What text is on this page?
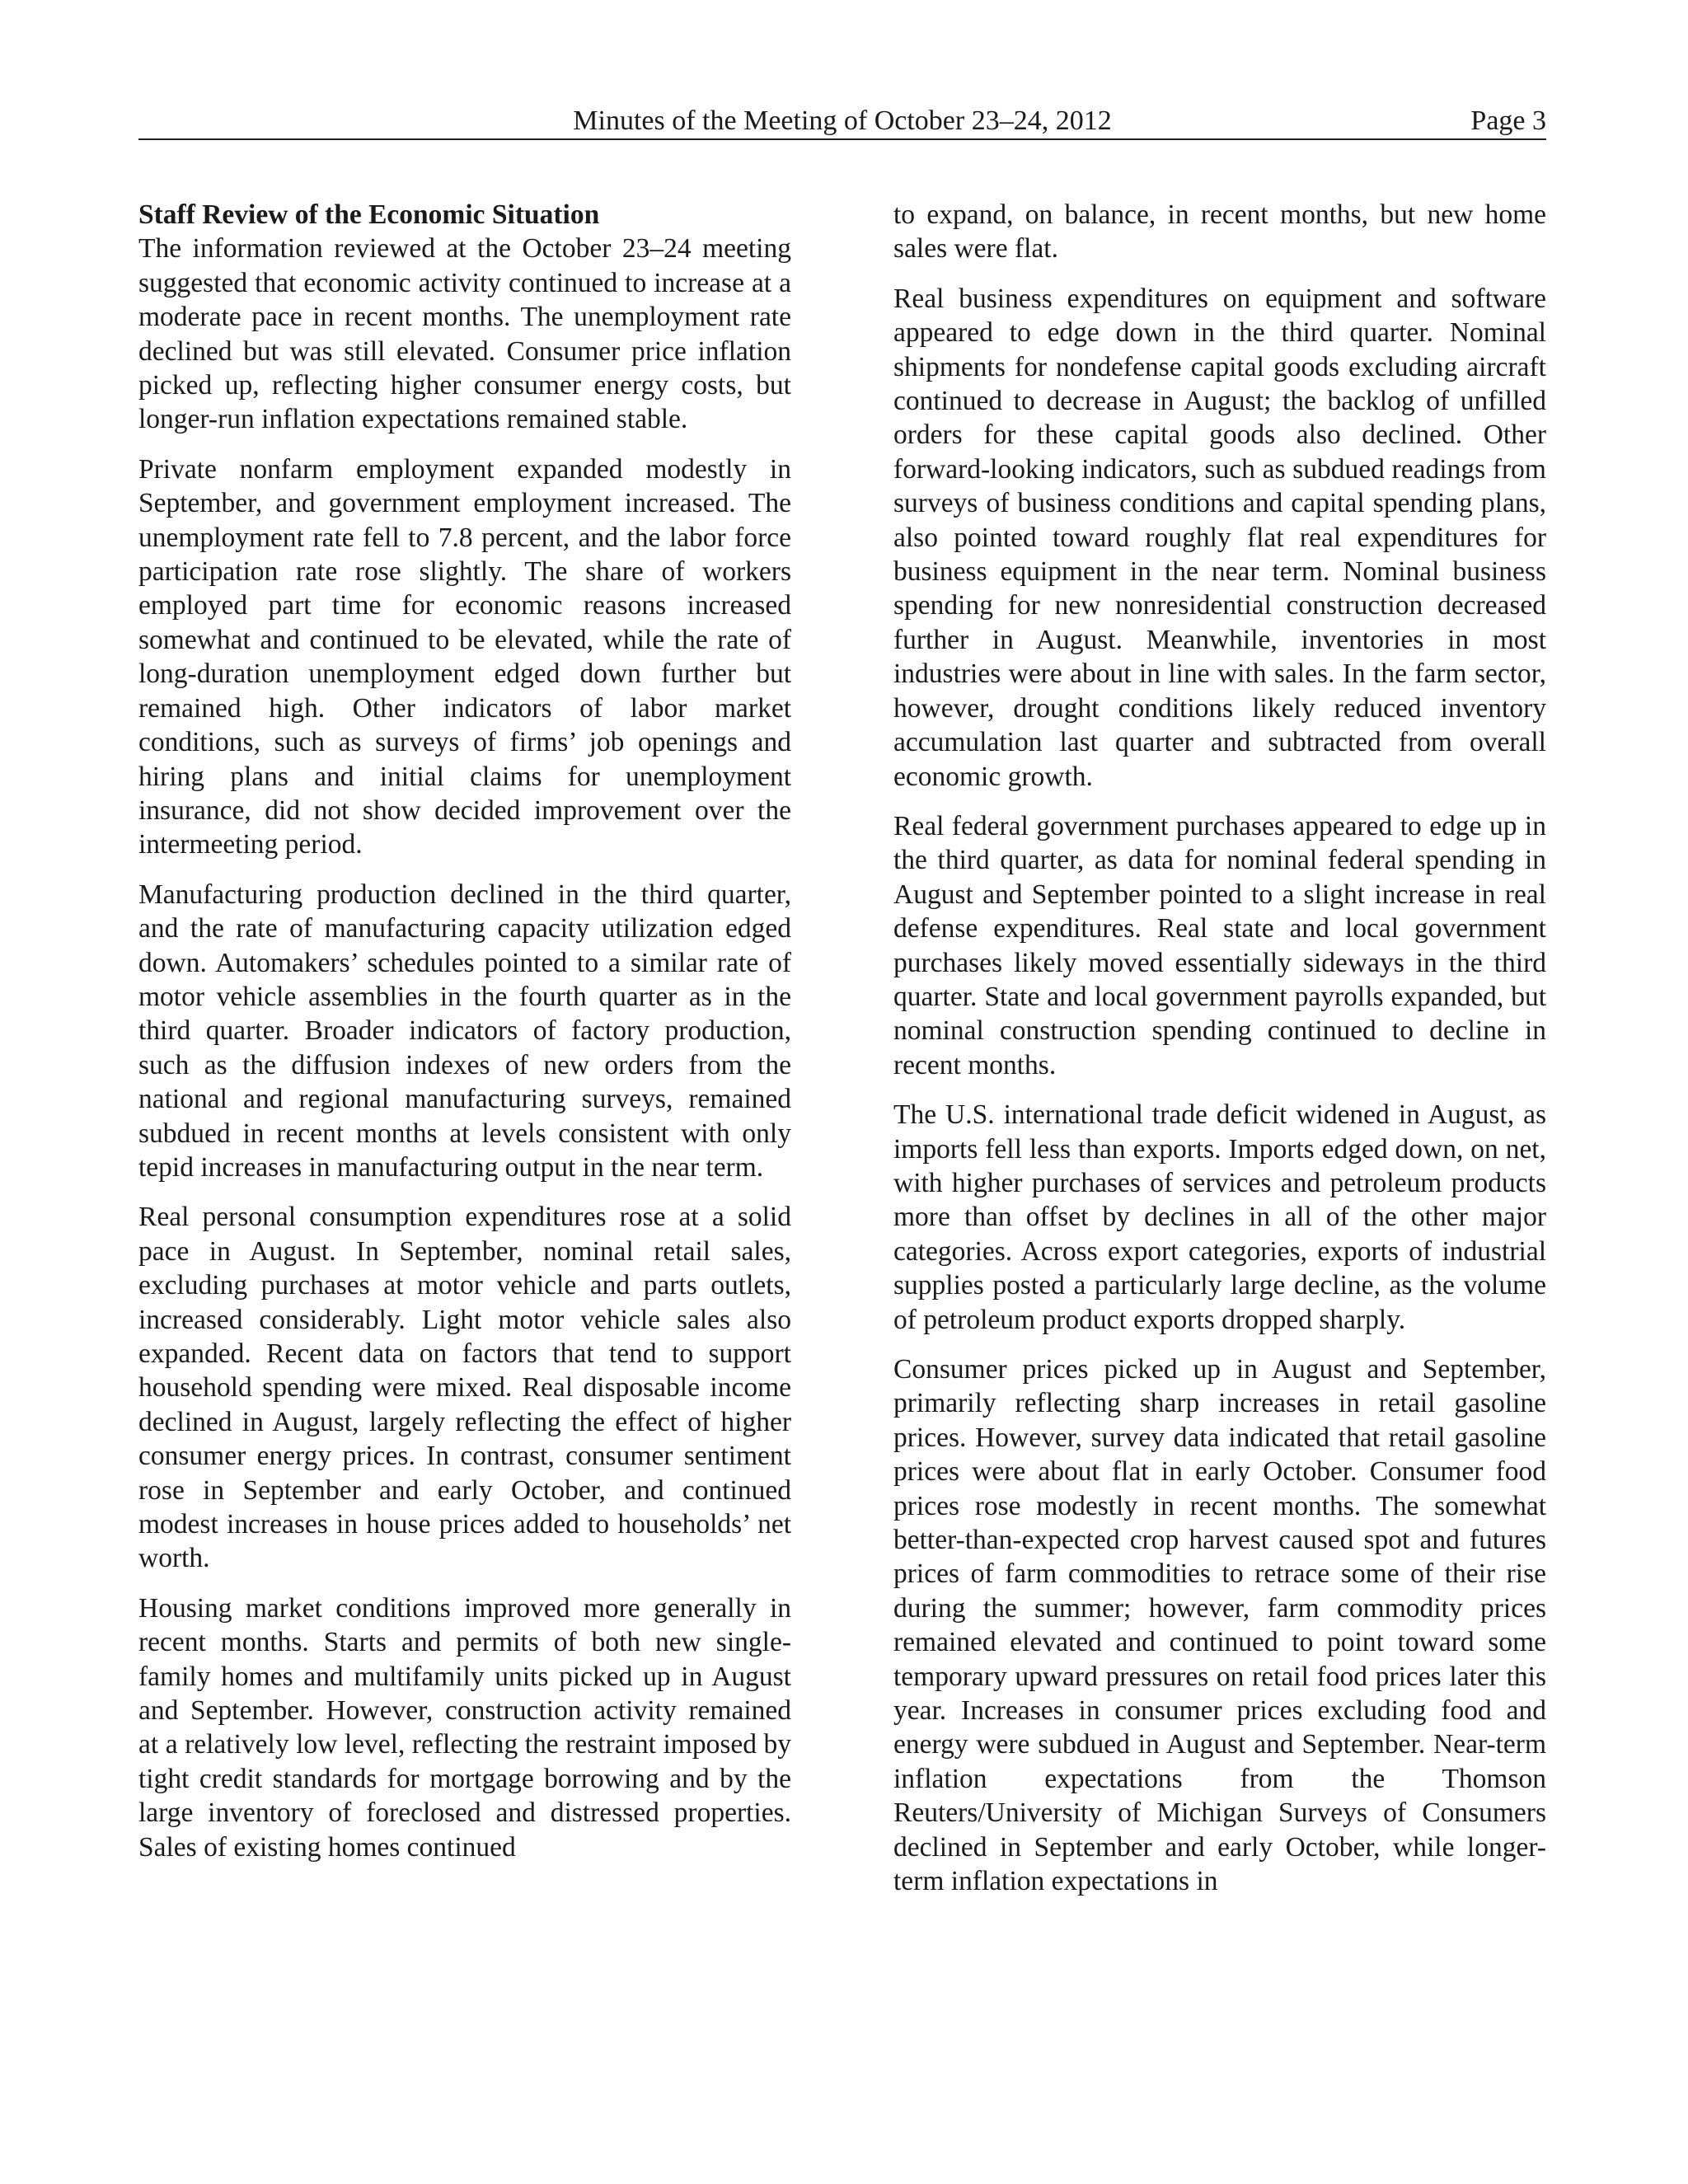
Minutes of the Meeting of October 23–24, 2012	Page 3
Staff Review of the Economic Situation

The information reviewed at the October 23–24 meeting suggested that economic activity continued to increase at a moderate pace in recent months. The unemployment rate declined but was still elevated. Consumer price inflation picked up, reflecting higher consumer energy costs, but longer-run inflation expectations remained stable.

Private nonfarm employment expanded modestly in September, and government employment increased. The unemployment rate fell to 7.8 percent, and the labor force participation rate rose slightly. The share of workers employed part time for economic reasons increased somewhat and continued to be elevated, while the rate of long-duration unemployment edged down further but remained high. Other indicators of labor market conditions, such as surveys of firms’ job openings and hiring plans and initial claims for unemployment insurance, did not show decided improvement over the intermeeting period.

Manufacturing production declined in the third quarter, and the rate of manufacturing capacity utilization edged down. Automakers’ schedules pointed to a similar rate of motor vehicle assemblies in the fourth quarter as in the third quarter. Broader indicators of factory production, such as the diffusion indexes of new orders from the national and regional manufacturing surveys, remained subdued in recent months at levels consistent with only tepid increases in manufacturing output in the near term.

Real personal consumption expenditures rose at a solid pace in August. In September, nominal retail sales, excluding purchases at motor vehicle and parts outlets, increased considerably. Light motor vehicle sales also expanded. Recent data on factors that tend to support household spending were mixed. Real disposable income declined in August, largely reflecting the effect of higher consumer energy prices. In contrast, consumer sentiment rose in September and early October, and continued modest increases in house prices added to households’ net worth.

Housing market conditions improved more generally in recent months. Starts and permits of both new single-family homes and multifamily units picked up in August and September. However, construction activity remained at a relatively low level, reflecting the restraint imposed by tight credit standards for mortgage borrowing and by the large inventory of foreclosed and distressed properties. Sales of existing homes continued

to expand, on balance, in recent months, but new home sales were flat.

Real business expenditures on equipment and software appeared to edge down in the third quarter. Nominal shipments for nondefense capital goods excluding aircraft continued to decrease in August; the backlog of unfilled orders for these capital goods also declined. Other forward-looking indicators, such as subdued readings from surveys of business conditions and capital spending plans, also pointed toward roughly flat real expenditures for business equipment in the near term. Nominal business spending for new nonresidential construction decreased further in August. Meanwhile, inventories in most industries were about in line with sales. In the farm sector, however, drought conditions likely reduced inventory accumulation last quarter and subtracted from overall economic growth.

Real federal government purchases appeared to edge up in the third quarter, as data for nominal federal spending in August and September pointed to a slight increase in real defense expenditures. Real state and local government purchases likely moved essentially sideways in the third quarter. State and local government payrolls expanded, but nominal construction spending continued to decline in recent months.

The U.S. international trade deficit widened in August, as imports fell less than exports. Imports edged down, on net, with higher purchases of services and petroleum products more than offset by declines in all of the other major categories. Across export categories, exports of industrial supplies posted a particularly large decline, as the volume of petroleum product exports dropped sharply.

Consumer prices picked up in August and September, primarily reflecting sharp increases in retail gasoline prices. However, survey data indicated that retail gasoline prices were about flat in early October. Consumer food prices rose modestly in recent months. The somewhat better-than-expected crop harvest caused spot and futures prices of farm commodities to retrace some of their rise during the summer; however, farm commodity prices remained elevated and continued to point toward some temporary upward pressures on retail food prices later this year. Increases in consumer prices excluding food and energy were subdued in August and September. Near-term inflation expectations from the Thomson Reuters/University of Michigan Surveys of Consumers declined in September and early October, while longer-term inflation expectations in
